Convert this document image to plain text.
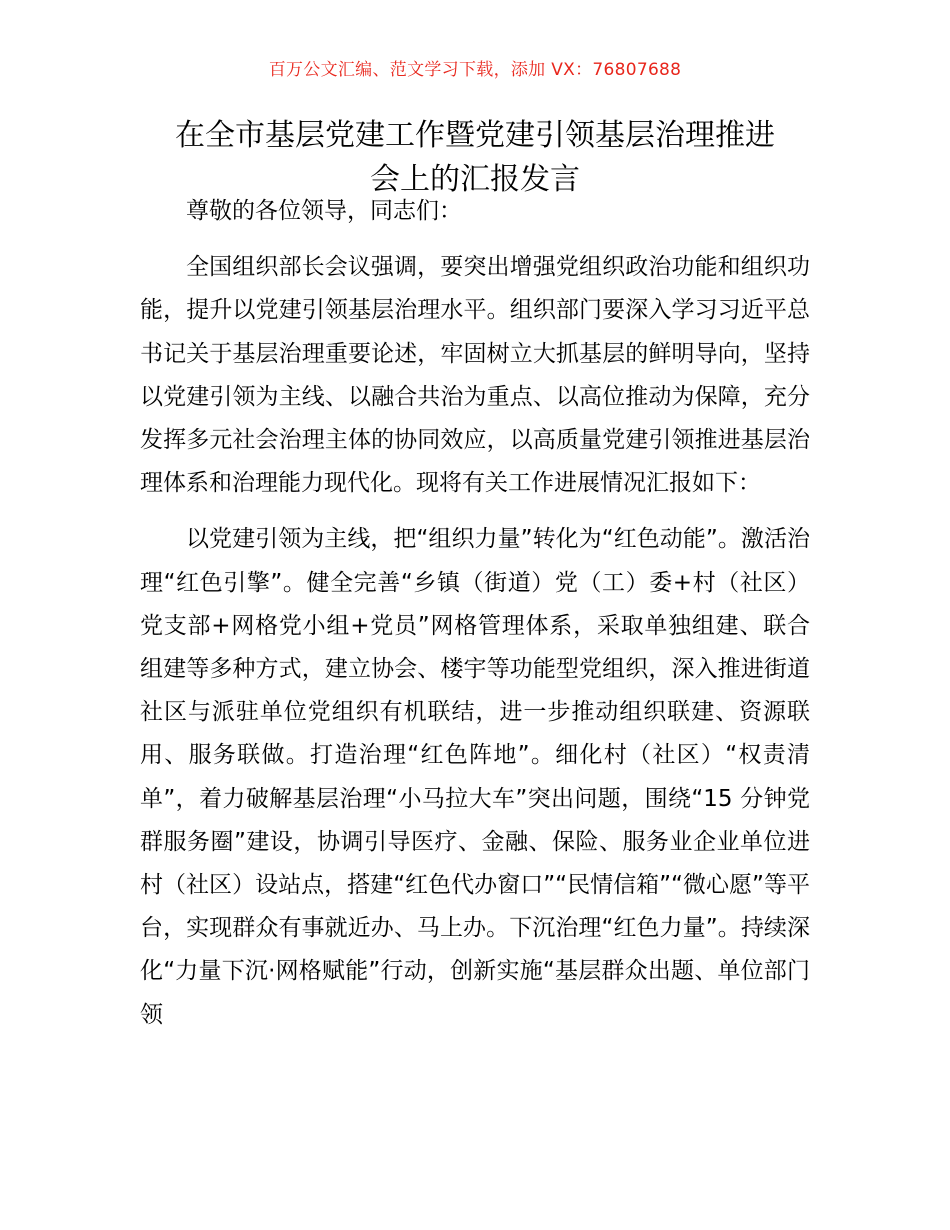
百万公文汇编、范文学习下载，添加 VX：76807688
在全市基层党建工作暨党建引领基层治理推进
会上的汇报发言

尊敬的各位领导，同志们：

全国组织部长会议强调，要突出增强党组织政治功能和组织功能，提升以党建引领基层治理水平。组织部门要深入学习习近平总书记关于基层治理重要论述，牢固树立大抓基层的鲜明导向，坚持以党建引领为主线、以融合共治为重点、以高位推动为保障，充分发挥多元社会治理主体的协同效应，以高质量党建引领推进基层治理体系和治理能力现代化。现将有关工作进展情况汇报如下：

以党建引领为主线，把“组织力量”转化为“红色动能”。激活治理“红色引擎”。健全完善“乡镇（街道）党（工）委+村（社区）党支部+网格党小组+党员”网格管理体系，采取单独组建、联合组建等多种方式，建立协会、楼宇等功能型党组织，深入推进街道社区与派驻单位党组织有机联结，进一步推动组织联建、资源联用、服务联做。打造治理“红色阵地”。细化村（社区）“权责清单”，着力破解基层治理“小马拉大车”突出问题，围绕“15 分钟党群服务圈”建设，协调引导医疗、金融、保险、服务业企业单位进村（社区）设站点，搭建“红色代办窗口”“民情信箱”“微心愿”等平台，实现群众有事就近办、马上办。下沉治理“红色力量”。持续深化“力量下沉·网格赋能”行动，创新实施“基层群众出题、单位部门领
